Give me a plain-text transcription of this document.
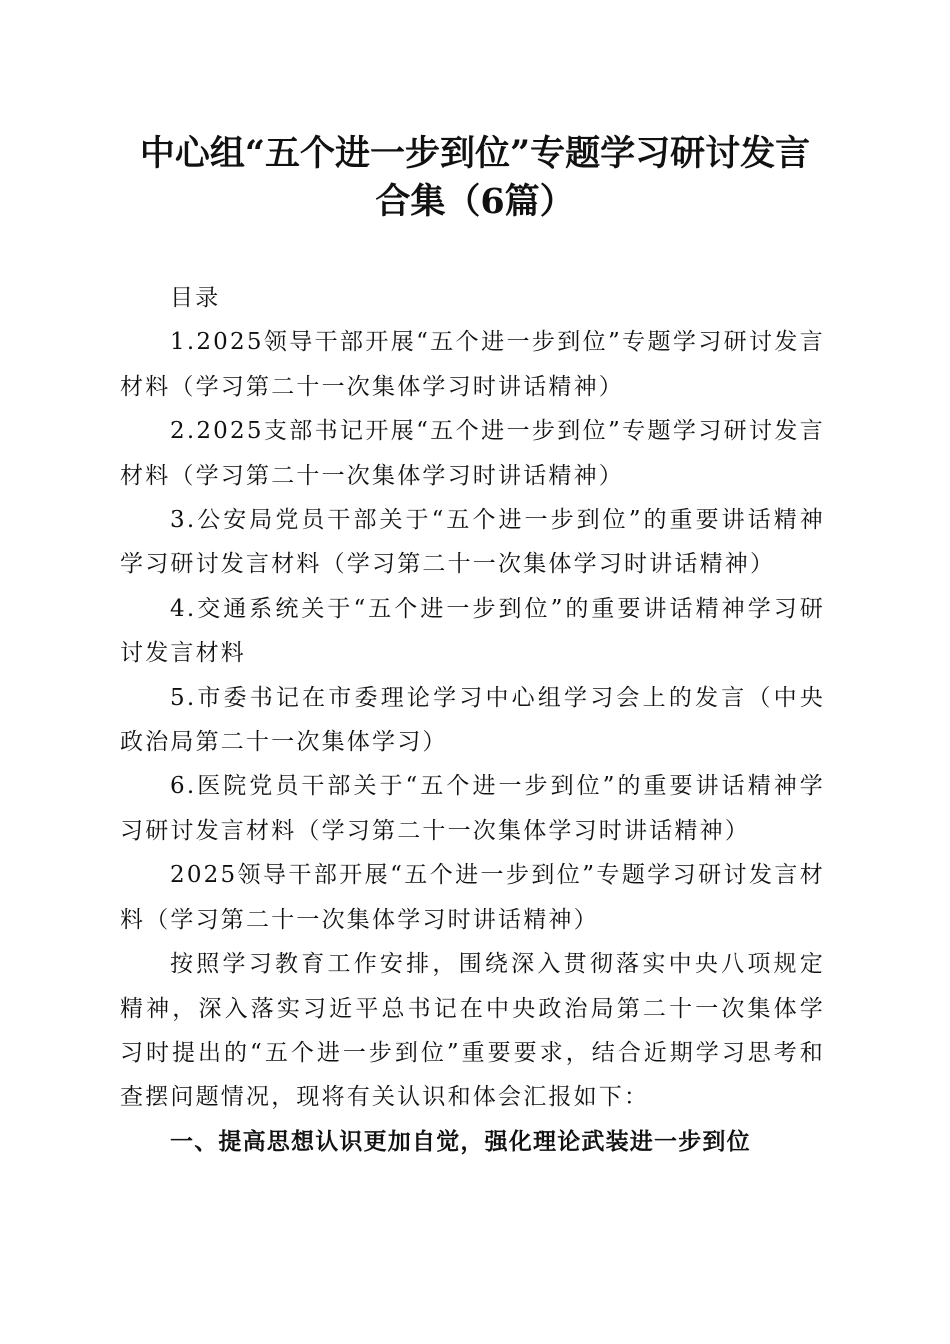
中心组“五个进一步到位”专题学习研讨发言
合集（6篇）

目录

1.2025领导干部开展“五个进一步到位”专题学习研讨发言材料（学习第二十一次集体学习时讲话精神）

2.2025支部书记开展“五个进一步到位”专题学习研讨发言材料（学习第二十一次集体学习时讲话精神）

3.公安局党员干部关于“五个进一步到位”的重要讲话精神学习研讨发言材料（学习第二十一次集体学习时讲话精神）

4.交通系统关于“五个进一步到位”的重要讲话精神学习研讨发言材料

5.市委书记在市委理论学习中心组学习会上的发言（中央政治局第二十一次集体学习）

6.医院党员干部关于“五个进一步到位”的重要讲话精神学习研讨发言材料（学习第二十一次集体学习时讲话精神）

2025领导干部开展“五个进一步到位”专题学习研讨发言材料（学习第二十一次集体学习时讲话精神）

按照学习教育工作安排，围绕深入贯彻落实中央八项规定精神，深入落实习近平总书记在中央政治局第二十一次集体学习时提出的“五个进一步到位”重要要求，结合近期学习思考和查摆问题情况，现将有关认识和体会汇报如下：

一、提高思想认识更加自觉，强化理论武装进一步到位
